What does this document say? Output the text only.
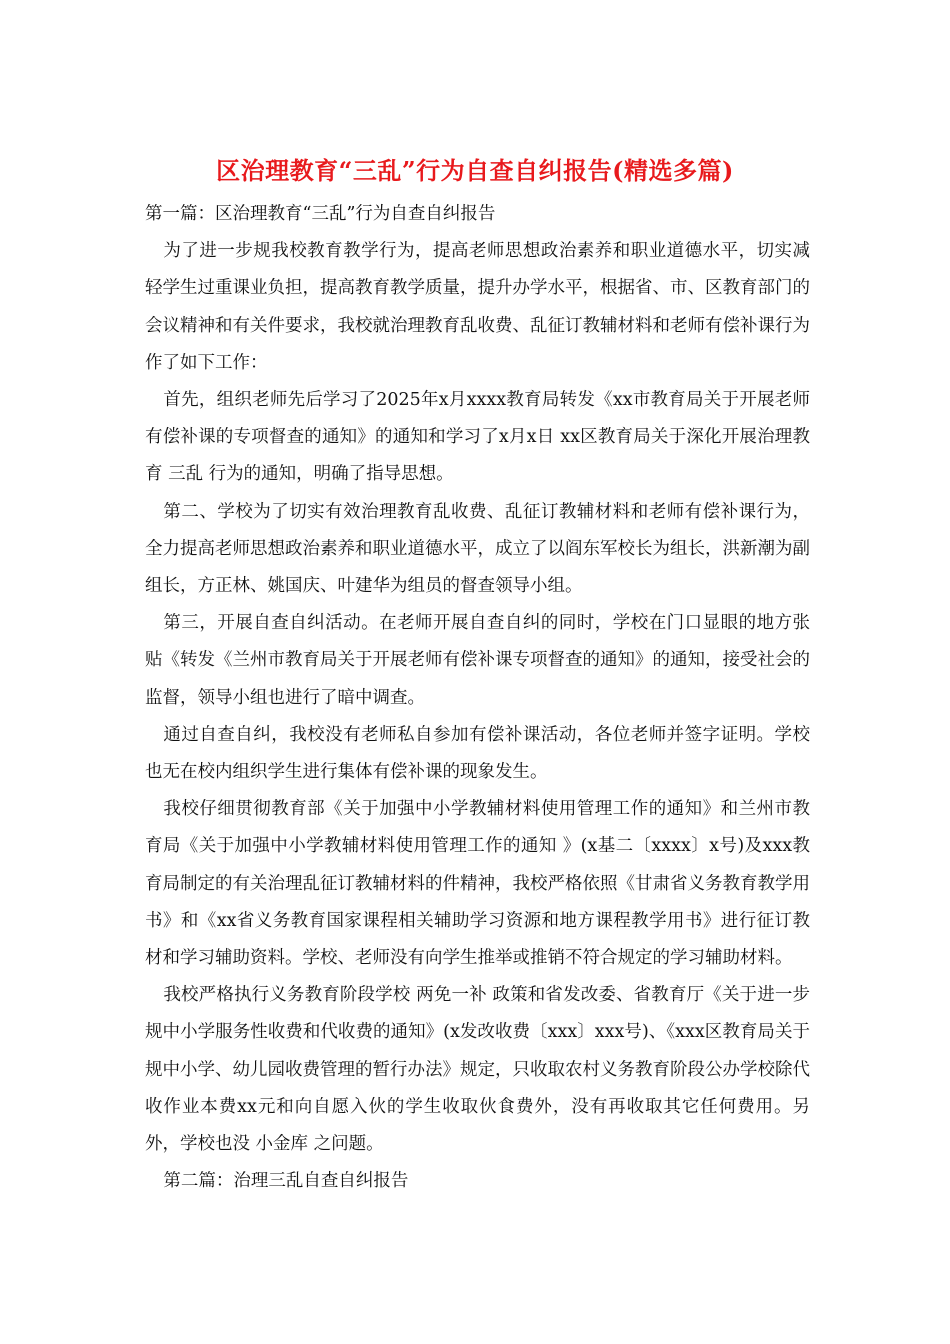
区治理教育“三乱”行为自查自纠报告(精选多篇)

第一篇：区治理教育“三乱”行为自查自纠报告

为了进一步规我校教育教学行为，提高老师思想政治素养和职业道德水平，切实减轻学生过重课业负担，提高教育教学质量，提升办学水平，根据省、市、区教育部门的会议精神和有关件要求，我校就治理教育乱收费、乱征订教辅材料和老师有偿补课行为作了如下工作：

首先，组织老师先后学习了2025年x月xxxx教育局转发《xx市教育局关于开展老师有偿补课的专项督查的通知》的通知和学习了x月x日 xx区教育局关于深化开展治理教育 三乱 行为的通知，明确了指导思想。

第二、学校为了切实有效治理教育乱收费、乱征订教辅材料和老师有偿补课行为，全力提高老师思想政治素养和职业道德水平，成立了以阎东军校长为组长，洪新潮为副组长，方正林、姚国庆、叶建华为组员的督查领导小组。

第三，开展自查自纠活动。在老师开展自查自纠的同时，学校在门口显眼的地方张贴《转发《兰州市教育局关于开展老师有偿补课专项督查的通知》的通知，接受社会的监督，领导小组也进行了暗中调查。

通过自查自纠，我校没有老师私自参加有偿补课活动，各位老师并签字证明。学校也无在校内组织学生进行集体有偿补课的现象发生。

我校仔细贯彻教育部《关于加强中小学教辅材料使用管理工作的通知》和兰州市教育局《关于加强中小学教辅材料使用管理工作的通知 》(x基二〔xxxx〕x号)及xxx教育局制定的有关治理乱征订教辅材料的件精神，我校严格依照《甘肃省义务教育教学用书》和《xx省义务教育国家课程相关辅助学习资源和地方课程教学用书》进行征订教材和学习辅助资料。学校、老师没有向学生推举或推销不符合规定的学习辅助材料。

我校严格执行义务教育阶段学校 两免一补 政策和省发改委、省教育厅《关于进一步规中小学服务性收费和代收费的通知》(x发改收费〔xxx〕xxx号)、《xxx区教育局关于规中小学、幼儿园收费管理的暂行办法》规定，只收取农村义务教育阶段公办学校除代收作业本费xx元和向自愿入伙的学生收取伙食费外，没有再收取其它任何费用。另外，学校也没 小金库 之问题。

第二篇：治理三乱自查自纠报告
